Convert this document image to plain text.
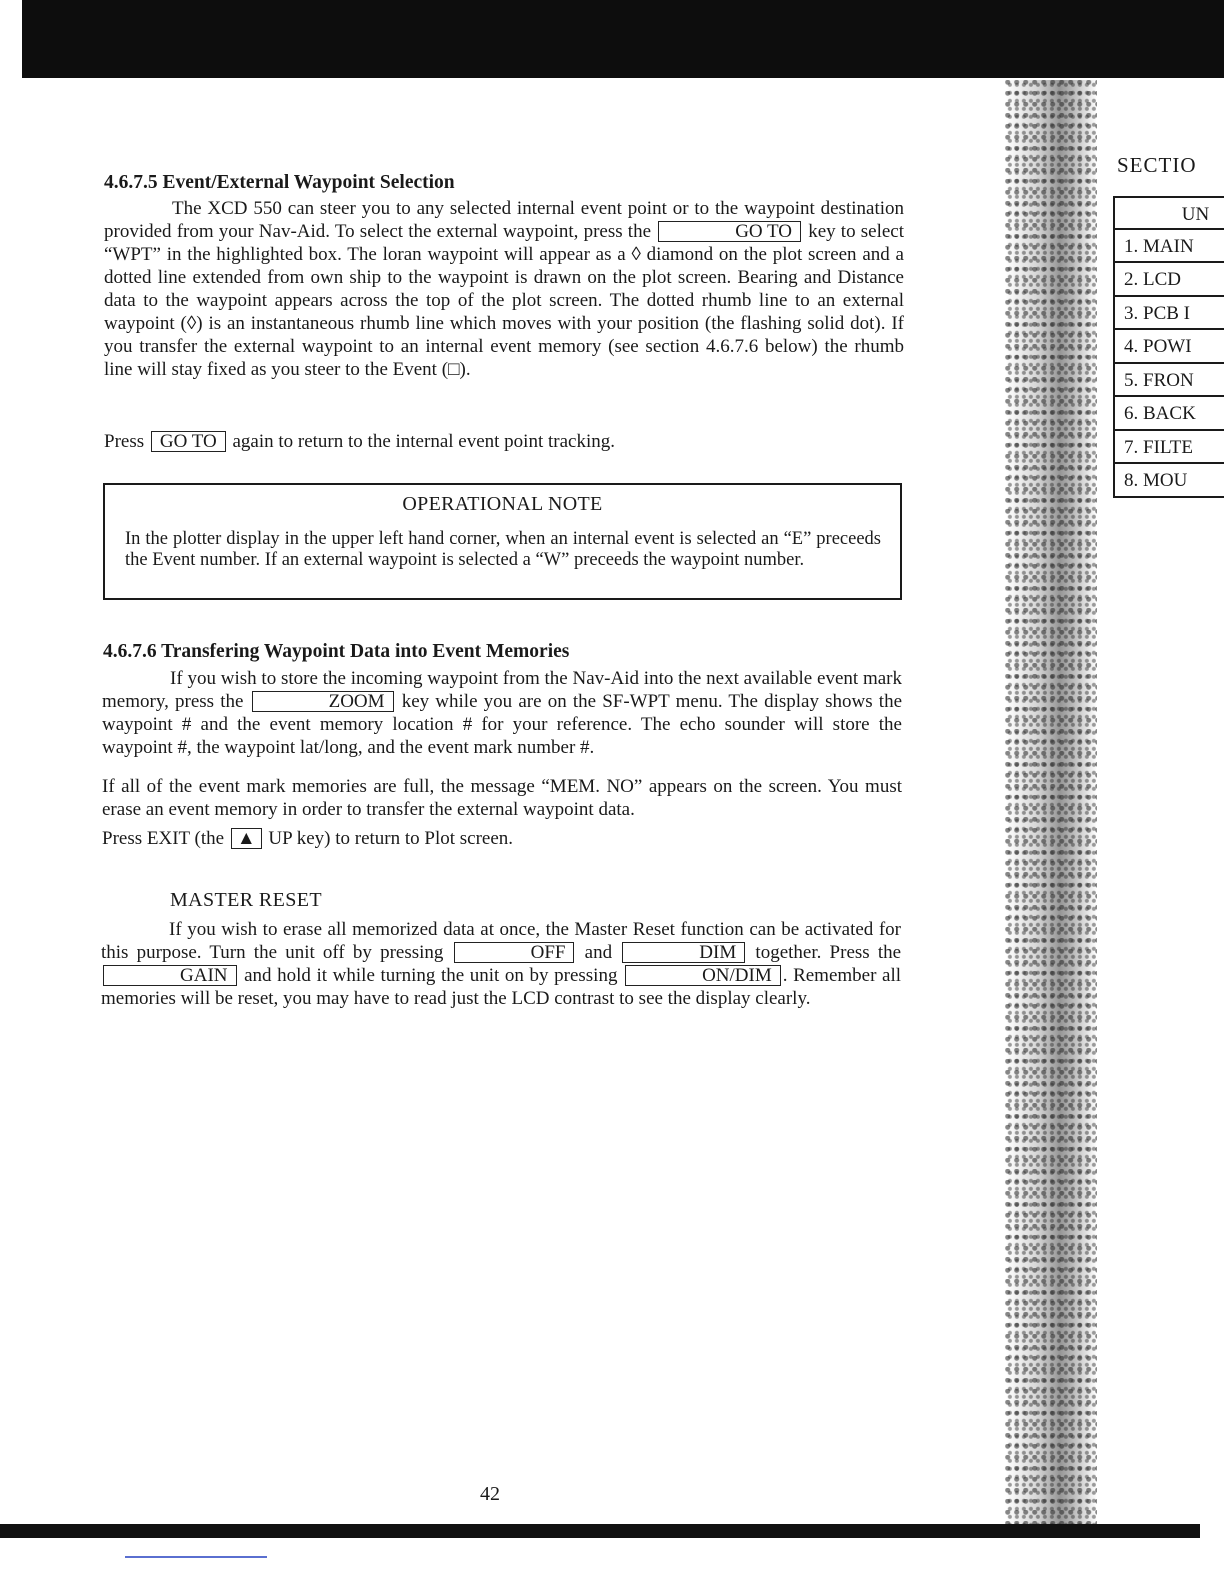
4.6.7.5 Event/External Waypoint Selection
The XCD 550 can steer you to any selected internal event point or to the waypoint destination provided from your Nav-Aid. To select the external waypoint, press the	GO TO key to select “WPT” in the highlighted box. The loran waypoint will appear as a ◊ diamond on the plot screen and a dotted line extended from own ship to the waypoint is drawn on the plot screen. Bearing and Distance data to the waypoint appears across the top of the plot screen. The dotted rhumb line to an external waypoint (◊) is an instantaneous rhumb line which moves with your position (the flashing solid dot). If you transfer the external waypoint to an internal event memory (see section 4.6.7.6 below) the rhumb line will stay fixed as you steer to the Event (□).
Press GO TO again to return to the internal event point tracking.
OPERATIONAL NOTE
In the plotter display in the upper left hand corner, when an internal event is selected an “E” preceeds the Event number. If an external waypoint is selected a “W” preceeds the waypoint number.
4.6.7.6 Transfering Waypoint Data into Event Memories
If you wish to store the incoming waypoint from the Nav-Aid into the next available event mark memory, press the	ZOOM key while you are on the SF-WPT menu. The display shows the waypoint # and the event memory location # for your reference. The echo sounder will store the waypoint #, the waypoint lat/long, and the event mark number #.
If all of the event mark memories are full, the message “MEM. NO” appears on the screen. You must erase an event memory in order to transfer the external waypoint data.
Press EXIT (the ▲ UP key) to return to Plot screen.
MASTER RESET
If you wish to erase all memorized data at once, the Master Reset function can be activated for this purpose. Turn the unit off by pressing	OFF and	DIM together. Press the GAIN and hold it while turning the unit on by pressing	ON/DIM . Remember all memories will be reset, you may have to read just the LCD contrast to see the display clearly.
42
SECTIO
UN
1. MAIN
2. LCD
3. PCB I
4. POWI
5. FRON
6. BACK
7. FILTE
8. MOU
